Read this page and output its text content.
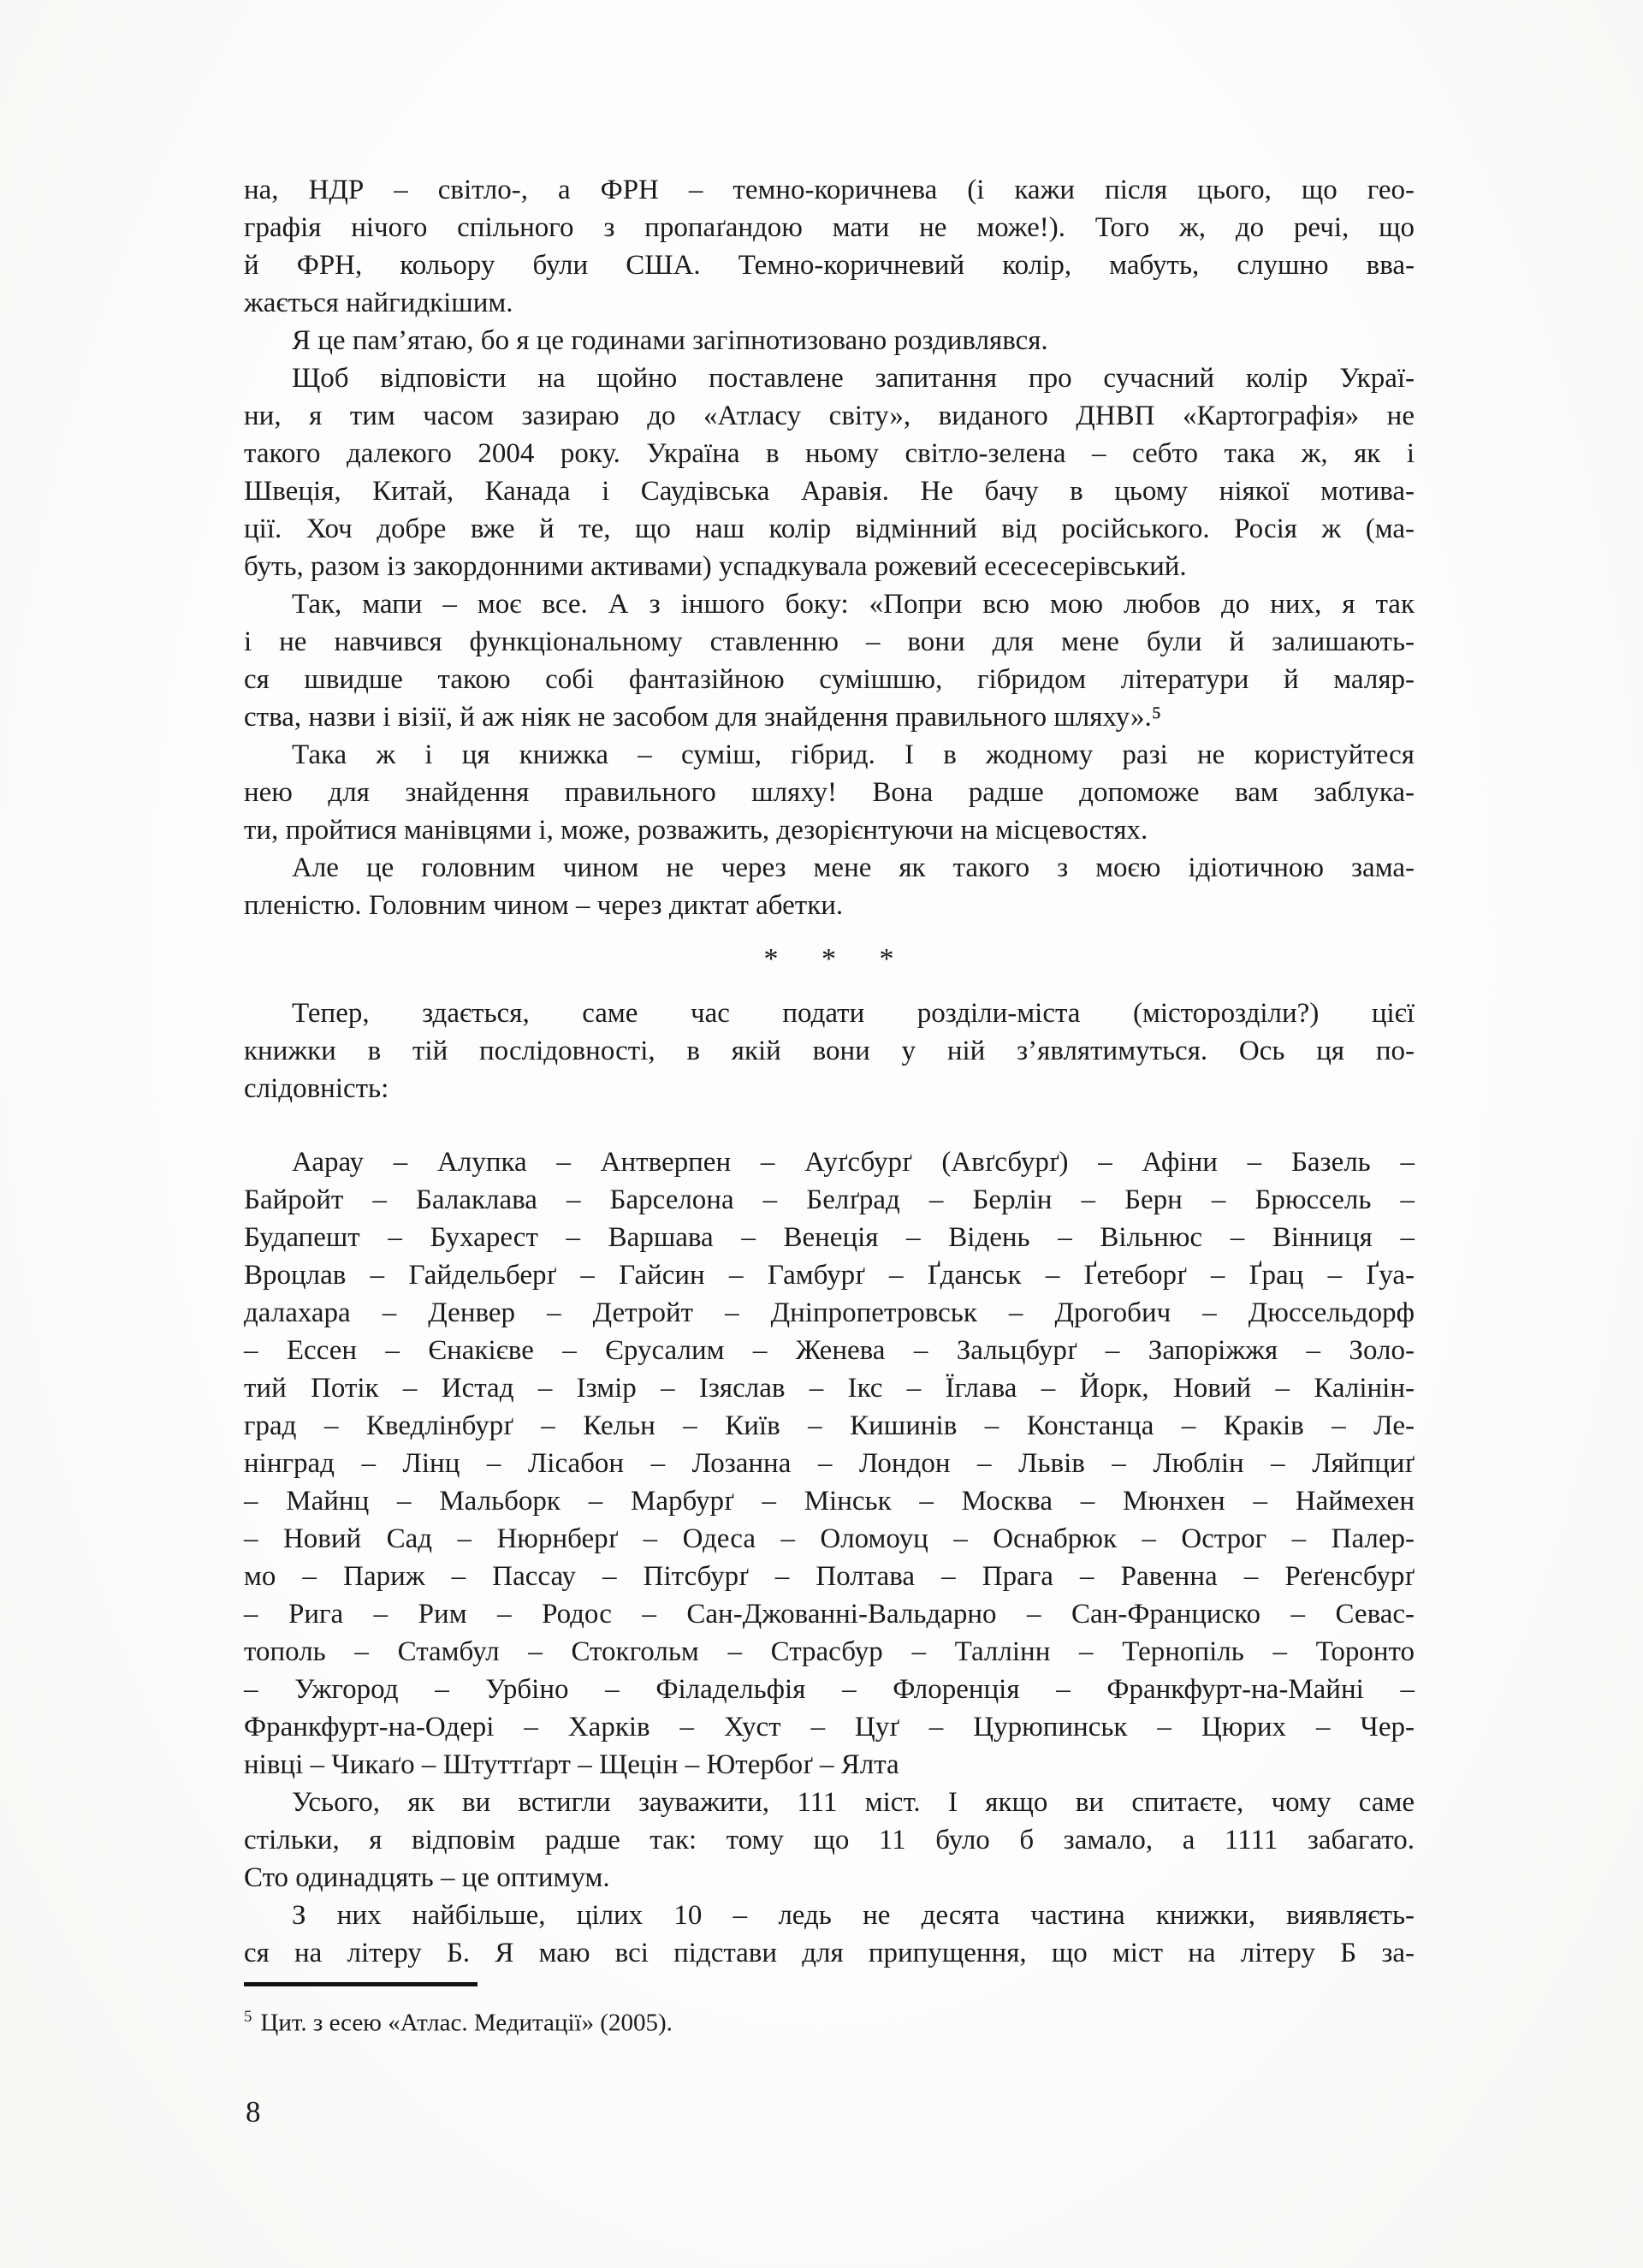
на, НДР – світло-, а ФРН – темно-коричнева (і кажи після цього, що гео-
графія нічого спільного з пропаґандою мати не може!). Того ж, до речі, що
й ФРН, кольору були США. Темно-коричневий колір, мабуть, слушно вва-
жається найгидкішим.
Я це пам’ятаю, бо я це годинами загіпнотизовано роздивлявся.
Щоб відповісти на щойно поставлене запитання про сучасний колір Украї-
ни, я тим часом зазираю до «Атласу світу», виданого ДНВП «Картографія» не
такого далекого 2004 року. Україна в ньому світло-зелена – себто така ж, як і
Швеція, Китай, Канада і Саудівська Аравія. Не бачу в цьому ніякої мотива-
ції. Хоч добре вже й те, що наш колір відмінний від російського. Росія ж (ма-
буть, разом із закордонними активами) успадкувала рожевий есесесерівський.
Так, мапи – моє все. А з іншого боку: «Попри всю мою любов до них, я так
і не навчився функціональному ставленню – вони для мене були й залишають-
ся швидше такою собі фантазійною сумішшю, гібридом літератури й маляр-
ства, назви і візії, й аж ніяк не засобом для знайдення правильного шляху».⁵
Така ж і ця книжка – суміш, гібрид. І в жодному разі не користуйтеся
нею для знайдення правильного шляху! Вона радше допоможе вам заблука-
ти, пройтися манівцями і, може, розважить, дезорієнтуючи на місцевостях.
Але це головним чином не через мене як такого з моєю ідіотичною зама-
пленістю. Головним чином – через диктат абетки.
* * *
Тепер, здається, саме час подати розділи-міста (місторозділи?) цієї
книжки в тій послідовності, в якій вони у ній з’являтимуться. Ось ця по-
слідовність:
Аарау – Алупка – Антверпен – Ауґсбурґ (Авґсбурґ) – Афіни – Базель –
Байройт – Балаклава – Барселона – Белґрад – Берлін – Берн – Брюссель –
Будапешт – Бухарест – Варшава – Венеція – Відень – Вільнюс – Вінниця –
Вроцлав – Гайдельберґ – Гайсин – Гамбурґ – Ґданськ – Ґетеборґ – Ґрац – Ґуа-
далахара – Денвер – Детройт – Дніпропетровськ – Дрогобич – Дюссельдорф
– Ессен – Єнакієве – Єрусалим – Женева – Зальцбурґ – Запоріжжя – Золо-
тий Потік – Истад – Ізмір – Ізяслав – Ікс – Їглава – Йорк, Новий – Калінін-
град – Кведлінбурґ – Кельн – Київ – Кишинів – Констанца – Краків – Ле-
нінград – Лінц – Лісабон – Лозанна – Лондон – Львів – Люблін – Ляйпциґ
– Майнц – Мальборк – Марбурґ – Мінськ – Москва – Мюнхен – Наймехен
– Новий Сад – Нюрнберґ – Одеса – Оломоуц – Оснабрюк – Острог – Палер-
мо – Париж – Пассау – Пітсбурґ – Полтава – Прага – Равенна – Реґенсбурґ
– Рига – Рим – Родос – Сан-Джованні-Вальдарно – Сан-Франциско – Севас-
тополь – Стамбул – Стокгольм – Страсбур – Таллінн – Тернопіль – Торонто
– Ужгород – Урбіно – Філадельфія – Флоренція – Франкфурт-на-Майні –
Франкфурт-на-Одері – Харків – Хуст – Цуґ – Цурюпинськ – Цюрих – Чер-
нівці – Чикаґо – Штуттґарт – Щецін – Ютербоґ – Ялта
Усього, як ви встигли зауважити, 111 міст. І якщо ви спитаєте, чому саме
стільки, я відповім радше так: тому що 11 було б замало, а 1111 забагато.
Сто одинадцять – це оптимум.
З них найбільше, цілих 10 – ледь не десята частина книжки, виявляєть-
ся на літеру Б. Я маю всі підстави для припущення, що міст на літеру Б за-
$^5$ Цит. з есею «Атлас. Медитації» (2005).
8
